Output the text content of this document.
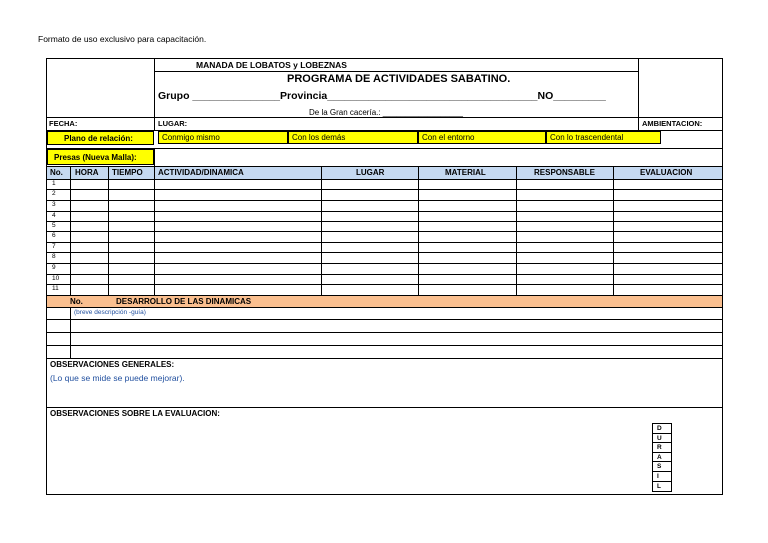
Formato de uso exclusivo para capacitación.
MANADA DE LOBATOS y LOBEZNAS
PROGRAMA DE ACTIVIDADES SABATINO.
Grupo _______________Provincia____________________________________NO_________
De la Gran cacería.: __________________
FECHA:	LUGAR:	AMBIENTACION:
Plano de relación:	Conmigo mismo	Con los demás	Con el entorno	Con lo trascendental
Presas (Nueva Malla):
No. HORA TIEMPO ACTIVIDAD/DINAMICA	LUGAR	MATERIAL	RESPONSABLE	EVALUACION
1
2
3
4
5
6
7
8
9
10
11
No.	DESARROLLO DE LAS DINAMICAS
(breve descripción -guía)
OBSERVACIONES GENERALES:
(Lo que se mide se puede mejorar).
OBSERVACIONES SOBRE LA EVALUACION:
D
U
R
A
S
I
L
